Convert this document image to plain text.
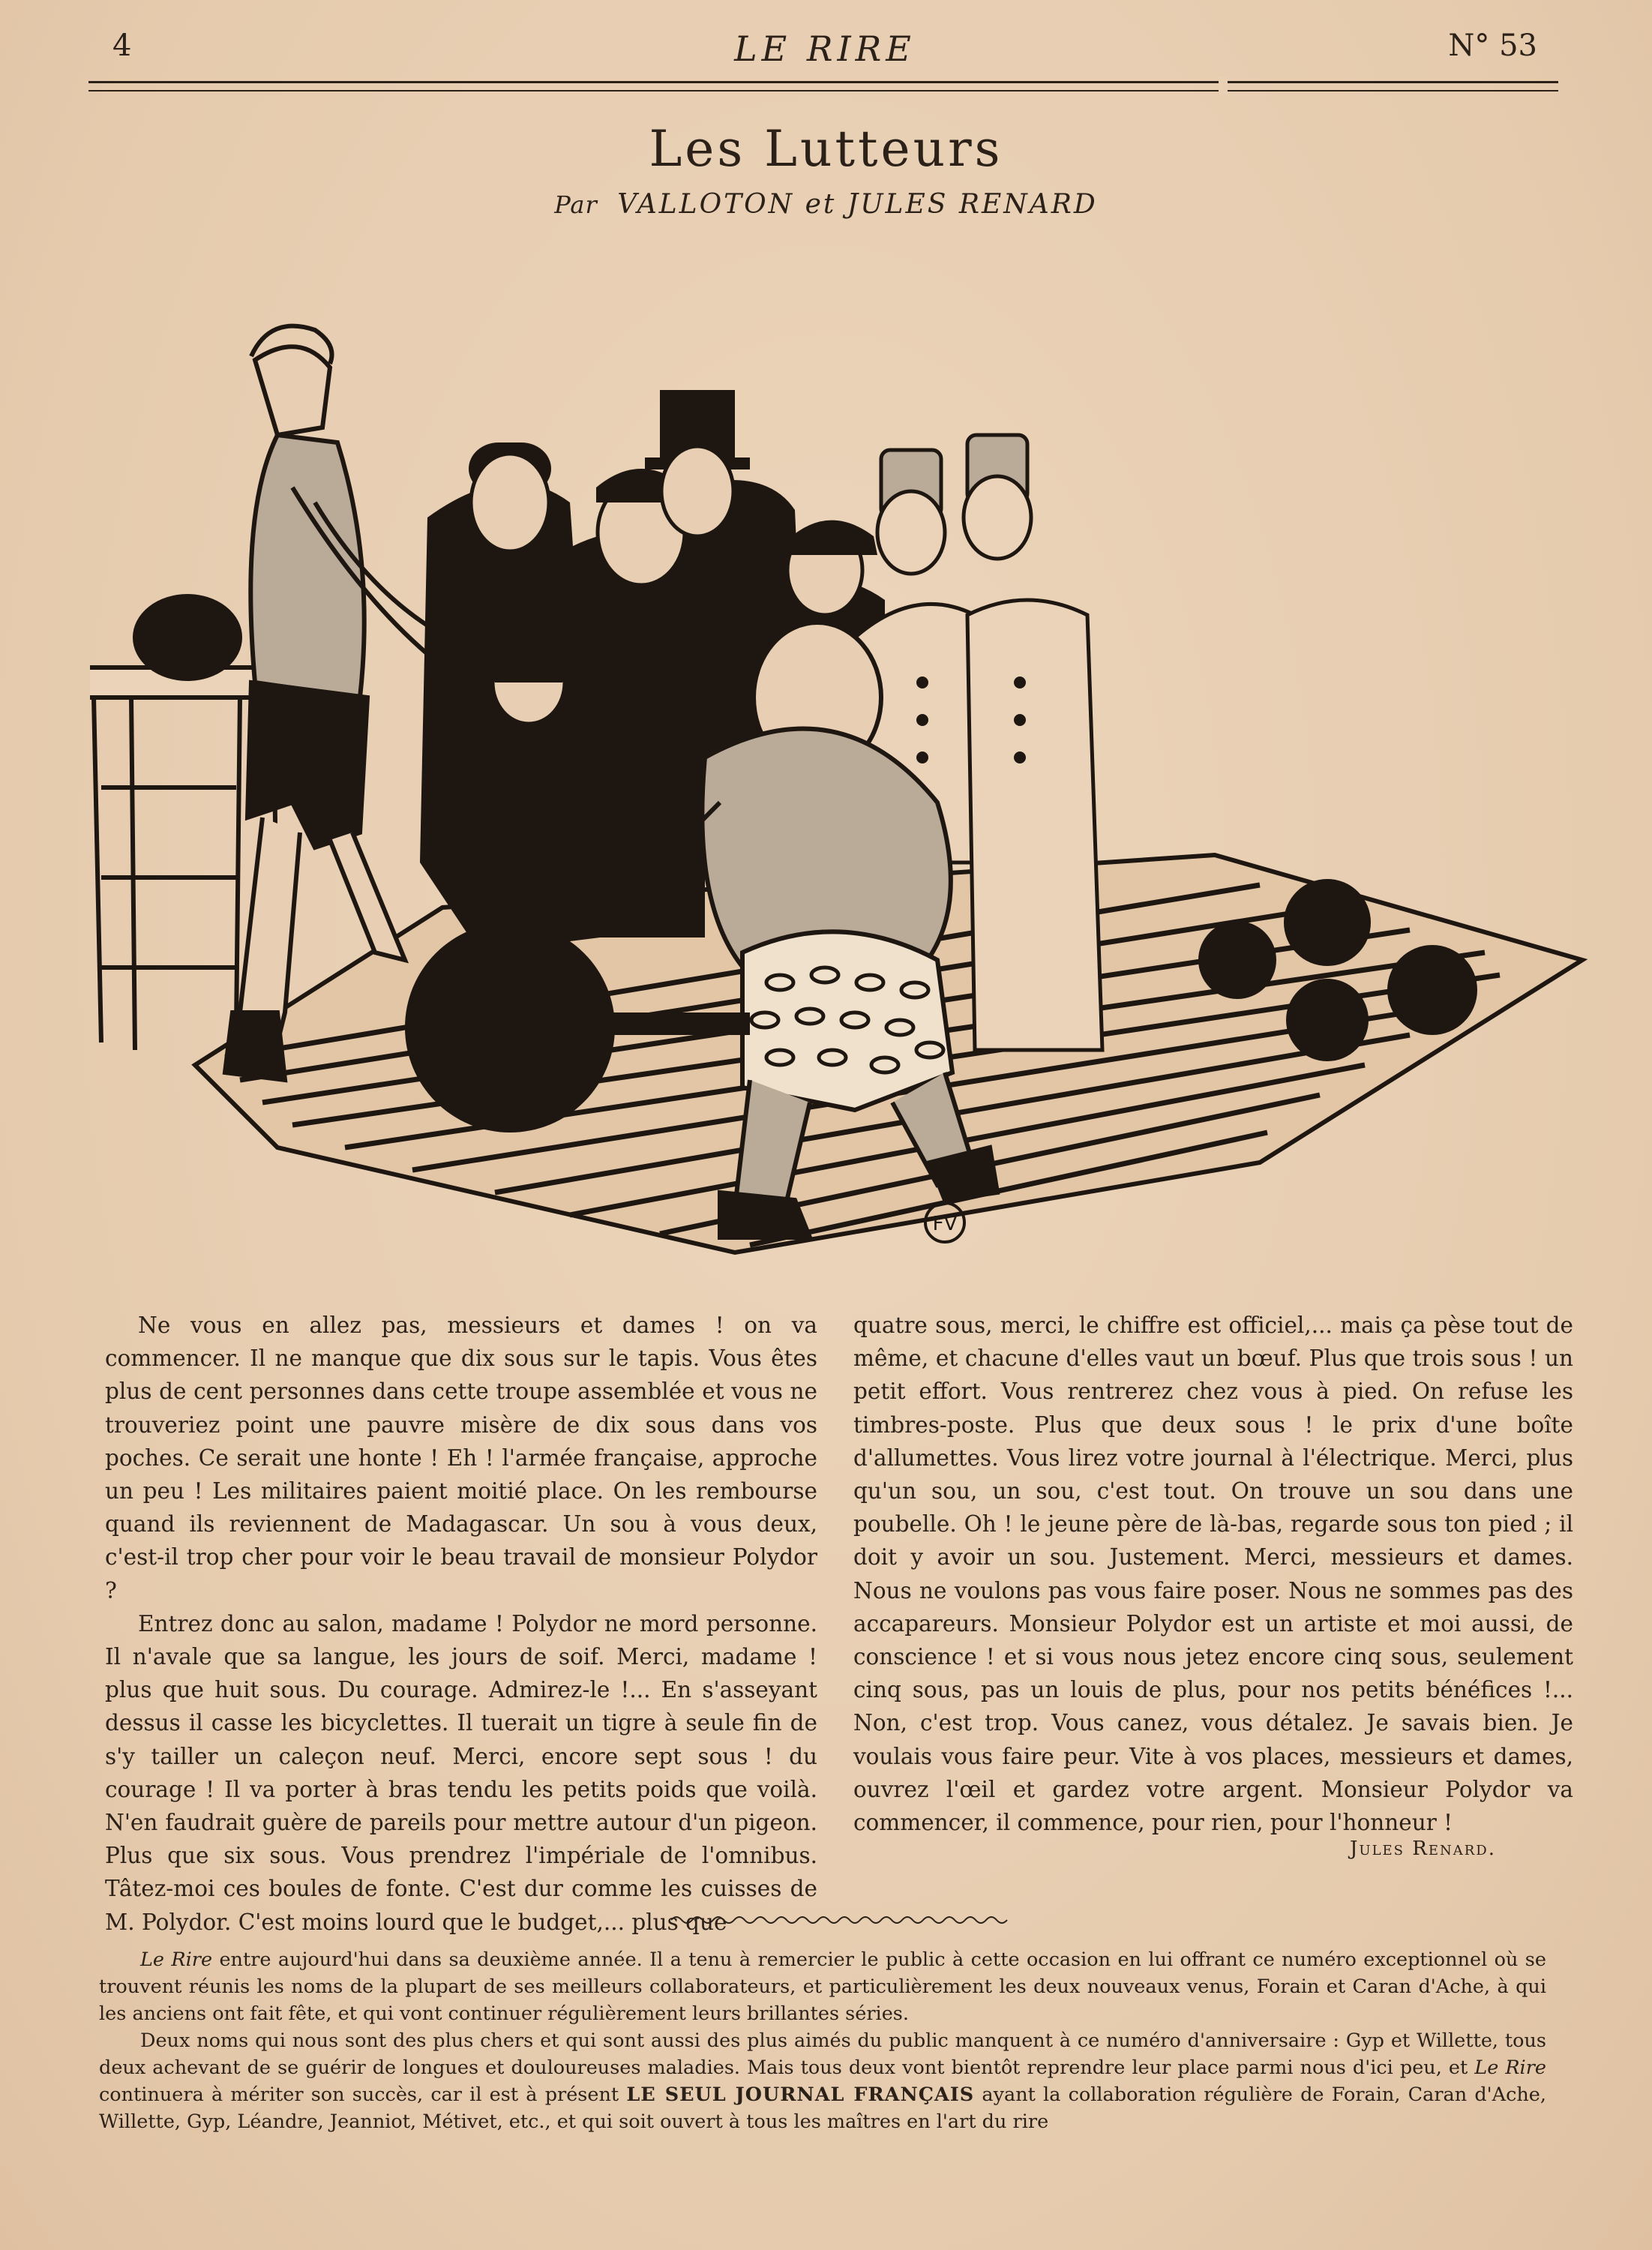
4	LE RIRE	N° 53
Les Lutteurs
Par VALLOTON et JULES RENARD
FV

Ne vous en allez pas, messieurs et dames ! on va commencer. Il ne manque que dix sous sur le tapis. Vous êtes plus de cent personnes dans cette troupe assemblée et vous ne trouveriez point une pauvre misère de dix sous dans vos poches. Ce serait une honte ! Eh ! l'armée française, approche un peu ! Les militaires paient moitié place. On les rembourse quand ils reviennent de Madagascar. Un sou à vous deux, c'est-il trop cher pour voir le beau travail de monsieur Polydor ?

Entrez donc au salon, madame ! Polydor ne mord personne. Il n'avale que sa langue, les jours de soif. Merci, madame ! plus que huit sous. Du courage. Admirez-le !... En s'asseyant dessus il casse les bicyclettes. Il tuerait un tigre à seule fin de s'y tailler un caleçon neuf. Merci, encore sept sous ! du courage ! Il va porter à bras tendu les petits poids que voilà. N'en faudrait guère de pareils pour mettre autour d'un pigeon. Plus que six sous. Vous prendrez l'impériale de l'omnibus. Tâtez-moi ces boules de fonte. C'est dur comme les cuisses de M. Polydor. C'est moins lourd que le budget,... plus que

quatre sous, merci, le chiffre est officiel,... mais ça pèse tout de même, et chacune d'elles vaut un bœuf. Plus que trois sous ! un petit effort. Vous rentrerez chez vous à pied. On refuse les timbres-poste. Plus que deux sous ! le prix d'une boîte d'allumettes. Vous lirez votre journal à l'électrique. Merci, plus qu'un sou, un sou, c'est tout. On trouve un sou dans une poubelle. Oh ! le jeune père de là-bas, regarde sous ton pied ; il doit y avoir un sou. Justement. Merci, messieurs et dames. Nous ne voulons pas vous faire poser. Nous ne sommes pas des accapareurs. Monsieur Polydor est un artiste et moi aussi, de conscience ! et si vous nous jetez encore cinq sous, seulement cinq sous, pas un louis de plus, pour nos petits bénéfices !... Non, c'est trop. Vous canez, vous détalez. Je savais bien. Je voulais vous faire peur. Vite à vos places, messieurs et dames, ouvrez l'œil et gardez votre argent. Monsieur Polydor va commencer, il commence, pour rien, pour l'honneur !

Jules Renard.

Le Rire entre aujourd'hui dans sa deuxième année. Il a tenu à remercier le public à cette occasion en lui offrant ce numéro exceptionnel où se trouvent réunis les noms de la plupart de ses meilleurs collaborateurs, et particulièrement les deux nouveaux venus, Forain et Caran d'Ache, à qui les anciens ont fait fête, et qui vont continuer régulièrement leurs brillantes séries.

Deux noms qui nous sont des plus chers et qui sont aussi des plus aimés du public manquent à ce numéro d'anniversaire : Gyp et Willette, tous deux achevant de se guérir de longues et douloureuses maladies. Mais tous deux vont bientôt reprendre leur place parmi nous d'ici peu, et Le Rire continuera à mériter son succès, car il est à présent LE SEUL JOURNAL FRANÇAIS ayant la collaboration régulière de Forain, Caran d'Ache, Willette, Gyp, Léandre, Jeanniot, Métivet, etc., et qui soit ouvert à tous les maîtres en l'art du rire
